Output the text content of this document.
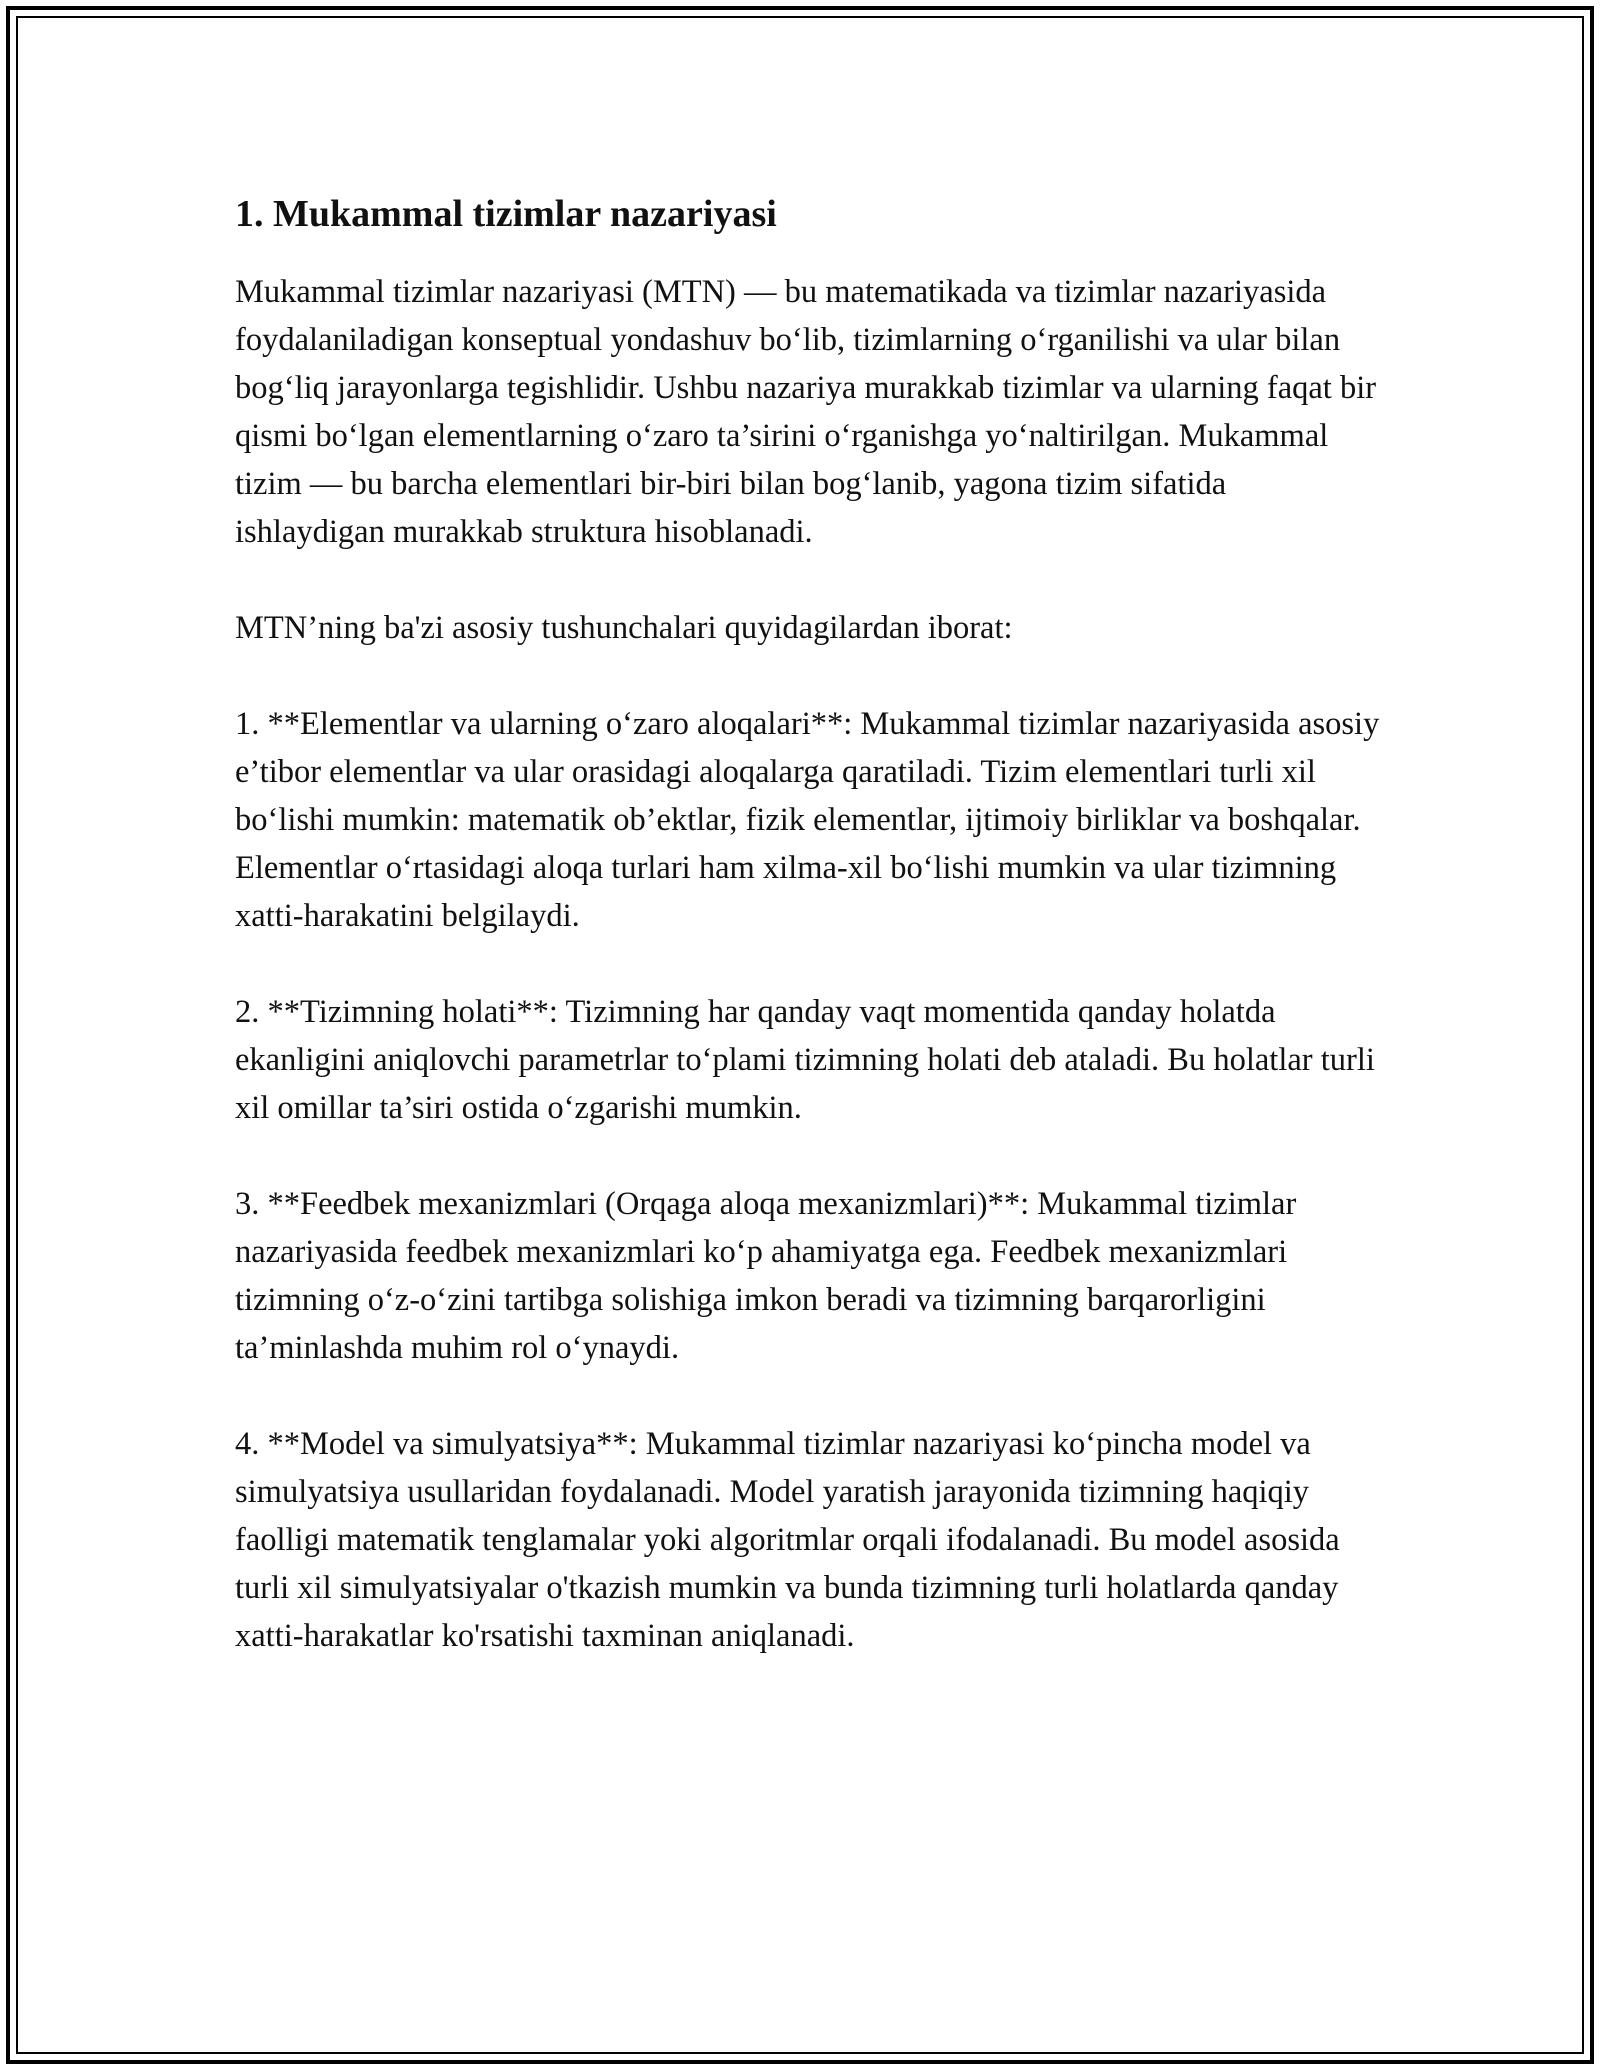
1. Mukammal tizimlar nazariyasi

Mukammal tizimlar nazariyasi (MTN) — bu matematikada va tizimlar nazariyasida foydalaniladigan konseptual yondashuv bo‘lib, tizimlarning o‘rganilishi va ular bilan bog‘liq jarayonlarga tegishlidir. Ushbu nazariya murakkab tizimlar va ularning faqat bir qismi bo‘lgan elementlarning o‘zaro ta’sirini o‘rganishga yo‘naltirilgan. Mukammal tizim — bu barcha elementlari bir-biri bilan bog‘lanib, yagona tizim sifatida ishlaydigan murakkab struktura hisoblanadi.

MTN’ning ba'zi asosiy tushunchalari quyidagilardan iborat:

1. **Elementlar va ularning o‘zaro aloqalari**: Mukammal tizimlar nazariyasida asosiy e’tibor elementlar va ular orasidagi aloqalarga qaratiladi. Tizim elementlari turli xil bo‘lishi mumkin: matematik ob’ektlar, fizik elementlar, ijtimoiy birliklar va boshqalar. Elementlar o‘rtasidagi aloqa turlari ham xilma-xil bo‘lishi mumkin va ular tizimning xatti-harakatini belgilaydi.

2. **Tizimning holati**: Tizimning har qanday vaqt momentida qanday holatda ekanligini aniqlovchi parametrlar to‘plami tizimning holati deb ataladi. Bu holatlar turli xil omillar ta’siri ostida o‘zgarishi mumkin.

3. **Feedbek mexanizmlari (Orqaga aloqa mexanizmlari)**: Mukammal tizimlar nazariyasida feedbek mexanizmlari ko‘p ahamiyatga ega. Feedbek mexanizmlari tizimning o‘z-o‘zini tartibga solishiga imkon beradi va tizimning barqarorligini ta’minlashda muhim rol o‘ynaydi.

4. **Model va simulyatsiya**: Mukammal tizimlar nazariyasi ko‘pincha model va simulyatsiya usullaridan foydalanadi. Model yaratish jarayonida tizimning haqiqiy faolligi matematik tenglamalar yoki algoritmlar orqali ifodalanadi. Bu model asosida turli xil simulyatsiyalar o'tkazish mumkin va bunda tizimning turli holatlarda qanday xatti-harakatlar ko'rsatishi taxminan aniqlanadi.
